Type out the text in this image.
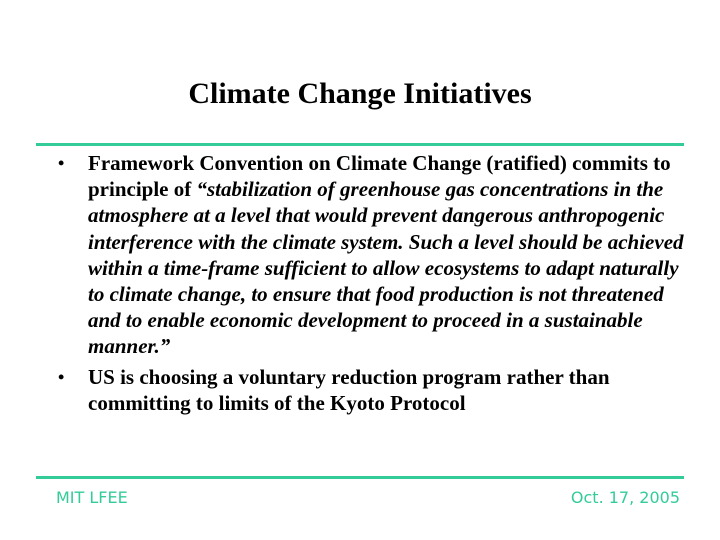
Climate Change Initiatives
• Framework Convention on Climate Change (ratified) commits to principle of “stabilization of greenhouse gas concentrations in the atmosphere at a level that would prevent dangerous anthropogenic interference with the climate system. Such a level should be achieved within a time-frame sufficient to allow ecosystems to adapt naturally to climate change, to ensure that food production is not threatened and to enable economic development to proceed in a sustainable manner.”
• US is choosing a voluntary reduction program rather than committing to limits of the Kyoto Protocol
MIT LFEE	Oct. 17, 2005
